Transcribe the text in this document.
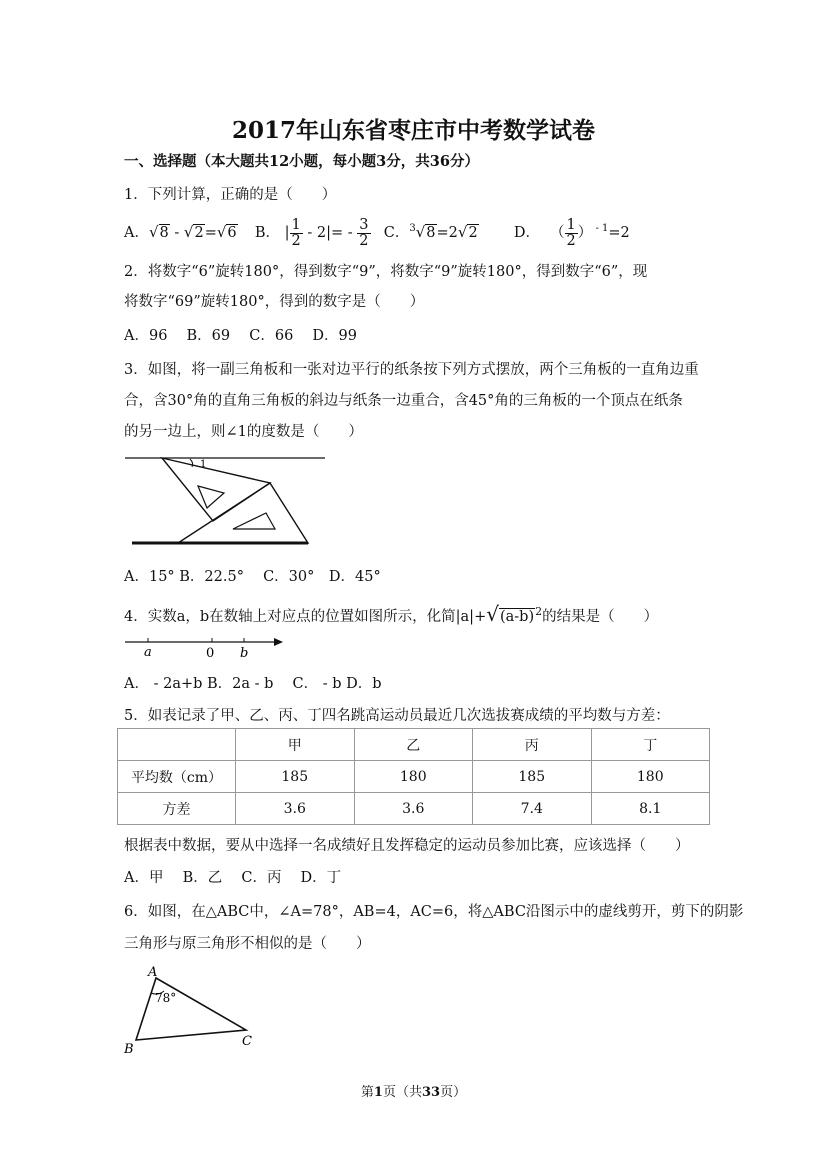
2017年山东省枣庄市中考数学试卷
一、选择题（本大题共12小题，每小题3分，共36分）
1．下列计算，正确的是（　　）
A．√8 - √2=√6 B． | $\frac{1}{2} - 2|= - \frac{3}{2}$ C．$^3$√8=2√2 D． （ $\frac{1}{2}$ ） $^{- 1}$=2
2．将数字“6”旋转180°，得到数字“9”，将数字“9”旋转180°，得到数字“6”，现
将数字“69”旋转180°，得到的数字是（　　）
A．96　 B．69　 C．66　 D．99
3．如图，将一副三角板和一张对边平行的纸条按下列方式摆放，两个三角板的一直角边重
合，含30°角的直角三角板的斜边与纸条一边重合，含45°角的三角板的一个顶点在纸条
的另一边上，则∠1的度数是（　　）
1
A．15° B．22.5°　 C．30°　D．45°
4．实数a，b在数轴上对应点的位置如图所示，化简$|a|+√(a-b)^2$的结果是（　　）
a	0 b
A． - 2a+b B．2a - b　 C． - b D．b
5．如表记录了甲、乙、丙、丁四名跳高运动员最近几次选拔赛成绩的平均数与方差：
	甲	乙	丙	丁
平均数（cm）	185	180	185	180
方差	3.6	3.6	7.4	8.1
根据表中数据，要从中选择一名成绩好且发挥稳定的运动员参加比赛，应该选择（　　）
A．甲　 B．乙　 C．丙　 D．丁
6．如图，在△ABC中，∠A=78°，AB=4，AC=6，将△ABC沿图示中的虚线剪开，剪下的阴影
三角形与原三角形不相似的是（　　）
A
B
C
78°
第1页（共33页）
